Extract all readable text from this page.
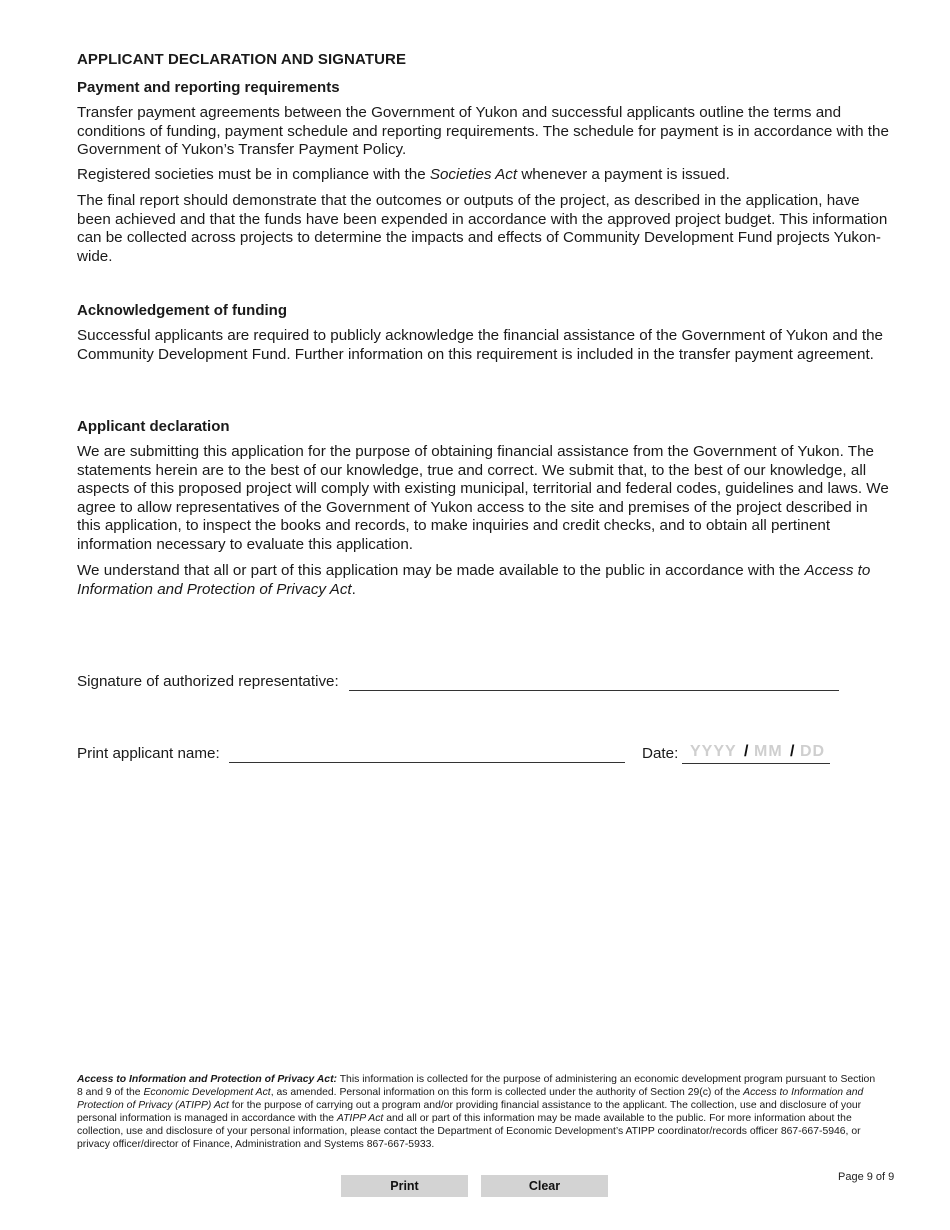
APPLICANT DECLARATION AND SIGNATURE
Payment and reporting requirements

Transfer payment agreements between the Government of Yukon and successful applicants outline the terms and conditions of funding, payment schedule and reporting requirements. The schedule for payment is in accordance with the Government of Yukon’s Transfer Payment Policy.

Registered societies must be in compliance with the Societies Act whenever a payment is issued.

The final report should demonstrate that the outcomes or outputs of the project, as described in the application, have been achieved and that the funds have been expended in accordance with the approved project budget. This information can be collected across projects to determine the impacts and effects of Community Development Fund projects Yukon-wide.

Acknowledgement of funding

Successful applicants are required to publicly acknowledge the financial assistance of the Government of Yukon and the Community Development Fund. Further information on this requirement is included in the transfer payment agreement.

Applicant declaration

We are submitting this application for the purpose of obtaining financial assistance from the Government of Yukon. The statements herein are to the best of our knowledge, true and correct. We submit that, to the best of our knowledge, all aspects of this proposed project will comply with existing municipal, territorial and federal codes, guidelines and laws. We agree to allow representatives of the Government of Yukon access to the site and premises of the project described in this application, to inspect the books and records, to make inquiries and credit checks, and to obtain all pertinent information necessary to evaluate this application.

We understand that all or part of this application may be made available to the public in accordance with the Access to Information and Protection of Privacy Act.

Signature of authorized representative:
Print applicant name:	Date: YYYY / MM / DD

Access to Information and Protection of Privacy Act: This information is collected for the purpose of administering an economic development program pursuant to Section 8 and 9 of the Economic Development Act, as amended. Personal information on this form is collected under the authority of Section 29(c) of the Access to Information and Protection of Privacy (ATIPP) Act for the purpose of carrying out a program and/or providing financial assistance to the applicant. The collection, use and disclosure of your personal information is managed in accordance with the ATIPP Act and all or part of this information may be made available to the public. For more information about the collection, use and disclosure of your personal information, please contact the Department of Economic Development’s ATIPP coordinator/records officer 867-667-5946, or privacy officer/director of Finance, Administration and Systems 867-667-5933.

Print	Clear
Page 9 of 9
